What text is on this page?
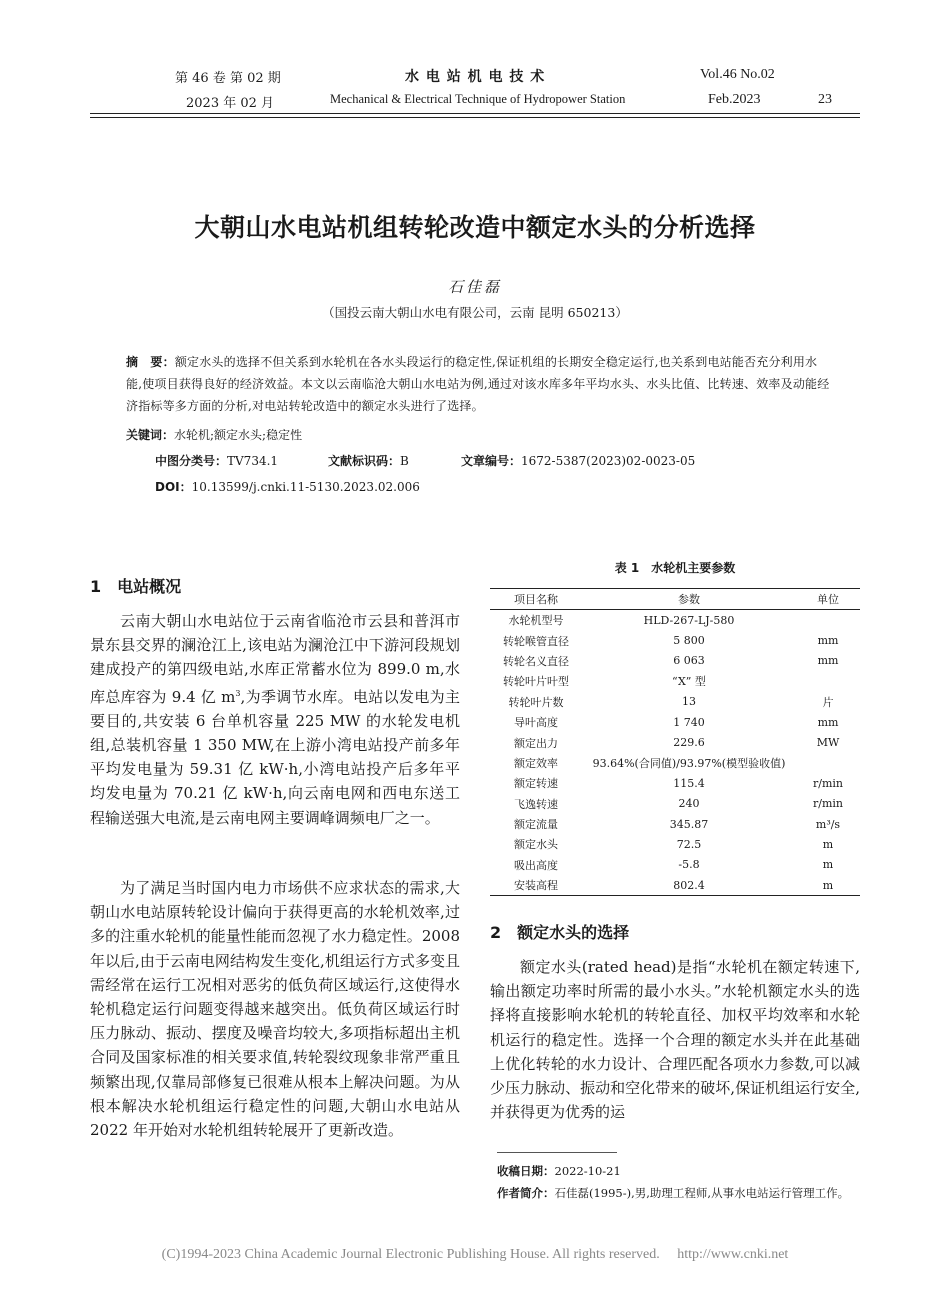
第 46 卷 第 02 期
2023 年 02 月
水 电 站 机 电 技 术
Mechanical & Electrical Technique of Hydropower Station
Vol.46 No.02
Feb.2023	23
大朝山水电站机组转轮改造中额定水头的分析选择
石佳磊
（国投云南大朝山水电有限公司，云南 昆明 650213）
摘　要：额定水头的选择不但关系到水轮机在各水头段运行的稳定性,保证机组的长期安全稳定运行,也关系到电站能否充分利用水能,使项目获得良好的经济效益。本文以云南临沧大朝山水电站为例,通过对该水库多年平均水头、水头比值、比转速、效率及动能经济指标等多方面的分析,对电站转轮改造中的额定水头进行了选择。
关键词：水轮机;额定水头;稳定性
中图分类号：TV734.1	文献标识码：B	文章编号：1672-5387(2023)02-0023-05
DOI：10.13599/j.cnki.11-5130.2023.02.006
1　电站概况
云南大朝山水电站位于云南省临沧市云县和普洱市景东县交界的澜沧江上,该电站为澜沧江中下游河段规划建成投产的第四级电站,水库正常蓄水位为 899.0 m,水库总库容为 9.4 亿 $m^3$,为季调节水库。电站以发电为主要目的,共安装 6 台单机容量 225 MW 的水轮发电机组,总装机容量 1 350 MW,在上游小湾电站投产前多年平均发电量为 59.31 亿 kW·h,小湾电站投产后多年平均发电量为 70.21 亿 kW·h,向云南电网和西电东送工程输送强大电流,是云南电网主要调峰调频电厂之一。
为了满足当时国内电力市场供不应求状态的需求,大朝山水电站原转轮设计偏向于获得更高的水轮机效率,过多的注重水轮机的能量性能而忽视了水力稳定性。2008 年以后,由于云南电网结构发生变化,机组运行方式多变且需经常在运行工况相对恶劣的低负荷区域运行,这使得水轮机稳定运行问题变得越来越突出。低负荷区域运行时压力脉动、振动、摆度及噪音均较大,多项指标超出主机合同及国家标准的相关要求值,转轮裂纹现象非常严重且频繁出现,仅靠局部修复已很难从根本上解决问题。为从根本解决水轮机组运行稳定性的问题,大朝山水电站从 2022 年开始对水轮机组转轮展开了更新改造。
表 1　水轮机主要参数
项目名称	参数	单位
水轮机型号	HLD-267-LJ-580	
转轮喉管直径	5 800	mm
转轮名义直径	6 063	mm
转轮叶片叶型	“X” 型	
转轮叶片数	13	片
导叶高度	1 740	mm
额定出力	229.6	MW
额定效率	93.64%(合同值)/93.97%(模型验收值)	
额定转速	115.4	r/min
飞逸转速	240	r/min
额定流量	345.87	m³/s
额定水头	72.5	m
吸出高度	-5.8	m
安装高程	802.4	m
2　额定水头的选择
额定水头(rated head)是指“水轮机在额定转速下,输出额定功率时所需的最小水头。”水轮机额定水头的选择将直接影响水轮机的转轮直径、加权平均效率和水轮机运行的稳定性。选择一个合理的额定水头并在此基础上优化转轮的水力设计、合理匹配各项水力参数,可以减少压力脉动、振动和空化带来的破坏,保证机组运行安全,并获得更为优秀的运
收稿日期：2022-10-21
作者简介：石佳磊(1995-),男,助理工程师,从事水电站运行管理工作。
(C)1994-2023 China Academic Journal Electronic Publishing House. All rights reserved.　 http://www.cnki.net
